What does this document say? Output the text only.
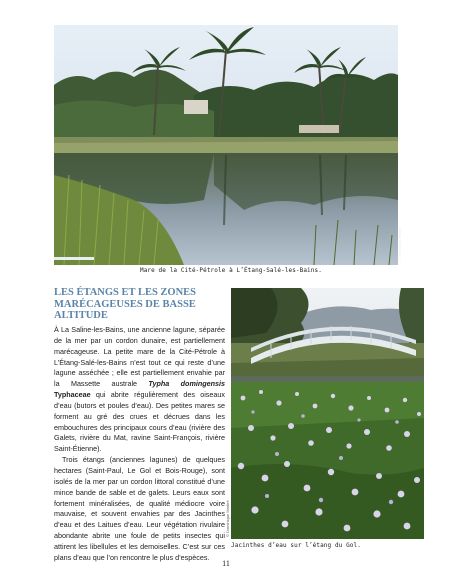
© Dominique Martiré
Mare de la Cité-Pétrole à L’Étang-Salé-les-Bains.
LES ÉTANGS ET LES ZONES MARÉCAGEUSES DE BASSE ALTITUDE

À La Saline-les-Bains, une ancienne lagune, séparée de la mer par un cordon dunaire, est partiellement marécageuse. La petite mare de la Cité-Pétrole à L’Étang-Salé-les-Bains n’est tout ce qui reste d’une lagune asséchée ; elle est partiellement envahie par la Massette australe Typha domingensis Typhaceae qui abrite régulièrement des oiseaux d’eau (butors et poules d’eau). Des petites mares se forment au gré des crues et décrues dans les embouchures des principaux cours d’eau (rivière des Galets, rivière du Mat, ravine Saint-François, rivière Saint-Étienne).

Trois étangs (anciennes lagunes) de quelques hectares (Saint-Paul, Le Gol et Bois-Rouge), sont isolés de la mer par un cordon littoral constitué d’une mince bande de sable et de galets. Leurs eaux sont fortement minéralisées, de qualité médiocre voire mauvaise, et souvent envahies par des Jacinthes d’eau et des Laitues d’eau. Leur végétation rivulaire abondante abrite une foule de petits insectes qui attirent les libellules et les demoiselles. C’est sur ces plans d’eau que l’on rencontre le plus d’espèces.

© Dominique Martiré
Jacinthes d’eau sur l’étang du Gol.
11
